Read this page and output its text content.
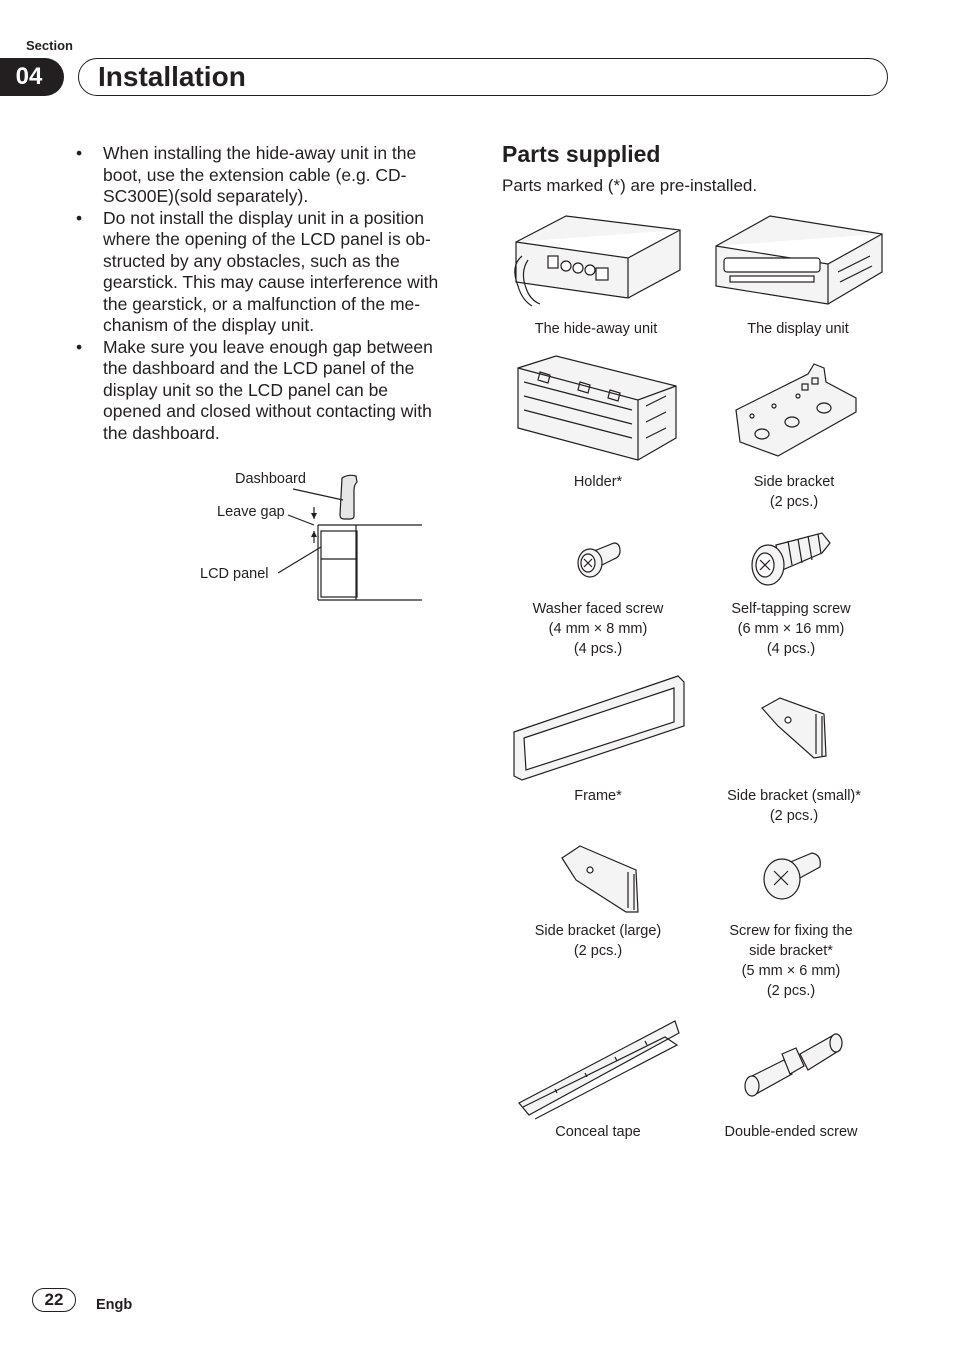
Section
04	Installation
• When installing the hide-away unit in the
boot, use the extension cable (e.g. CD-
SC300E)(sold separately).
• Do not install the display unit in a position
where the opening of the LCD panel is ob-
structed by any obstacles, such as the
gearstick. This may cause interference with
the gearstick, or a malfunction of the me-
chanism of the display unit.
• Make sure you leave enough gap between
the dashboard and the LCD panel of the
display unit so the LCD panel can be
opened and closed without contacting with
the dashboard.
Dashboard
Leave gap
LCD panel
Parts supplied
Parts marked (*) are pre-installed.
The hide-away unit	The display unit
Holder*	Side bracket
(2 pcs.)
Washer faced screw
(4 mm × 8 mm)
(4 pcs.)
Self-tapping screw
(6 mm × 16 mm)
(4 pcs.)
Frame*	Side bracket (small)*
(2 pcs.)
Side bracket (large)
(2 pcs.)
Screw for fixing the
side bracket*
(5 mm × 6 mm)
(2 pcs.)
Conceal tape	Double-ended screw
22	Engb
